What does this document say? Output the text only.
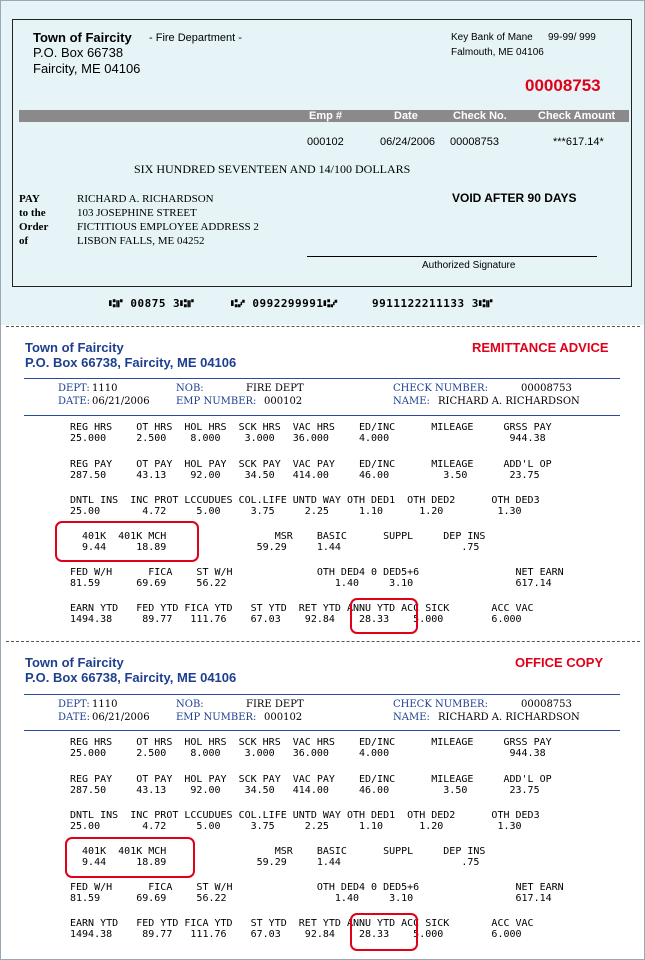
Town of Faircity - Fire Department -
P.O. Box 66738
Faircity, ME 04106
Key Bank of Mane 99-99/ 999
Falmouth, ME 04106
00008753
Emp #	Date	Check No.	Check Amount
000102	06/24/2006 00008753	***617.14*
SIX HUNDRED SEVENTEEN AND 14/100 DOLLARS
PAY
to the
Order
of
RICHARD A. RICHARDSON
103 JOSEPHINE STREET
FICTITIOUS EMPLOYEE ADDRESS 2
LISBON FALLS, ME 04252
VOID AFTER 90 DAYS
Authorized Signature
⑆⑈ 00875 3⑆⑈	⑆⑇ 0992299991⑆⑇	9911122211133 3⑆⑈
Town of Faircity
P.O. Box 66738, Faircity, ME 04106
REMITTANCE ADVICE
DEPT: 1110
DATE: 06/21/2006
NOB:	FIRE DEPT
EMP NUMBER: 000102
CHECK NUMBER:	00008753
NAME: RICHARD A. RICHARDSON
REG HRS    OT HRS  HOL HRS  SCK HRS  VAC HRS    ED/INC      MILEAGE     GRSS PAY
25.000     2.500    8.000    3.000   36.000     4.000                    944.38
REG PAY    OT PAY  HOL PAY  SCK PAY  VAC PAY    ED/INC      MILEAGE     ADD'L OP
287.50     43.13    92.00    34.50   414.00     46.00         3.50       23.75
DNTL INS  INC PROT LCCUDUES COL.LIFE UNTD WAY OTH DED1  OTH DED2      OTH DED3
25.00       4.72     5.00     3.75     2.25     1.10      1.20         1.30
401K  401K MCH                  MSR    BASIC      SUPPL     DEP INS
9.44     18.89               59.29     1.44                    .75
FED W/H      FICA    ST W/H              OTH DED4 0 DED5+6                NET EARN
81.59      69.69     56.22                  1.40     3.10                 617.14
EARN YTD   FED YTD FICA YTD   ST YTD  RET YTD ANNU YTD ACC SICK       ACC VAC
1494.38     89.77   111.76    67.03    92.84    28.33    5.000        6.000
Town of Faircity
P.O. Box 66738, Faircity, ME 04106
OFFICE COPY
DEPT: 1110
DATE: 06/21/2006
NOB:	FIRE DEPT
EMP NUMBER: 000102
CHECK NUMBER:	00008753
NAME: RICHARD A. RICHARDSON
REG HRS    OT HRS  HOL HRS  SCK HRS  VAC HRS    ED/INC      MILEAGE     GRSS PAY
25.000     2.500    8.000    3.000   36.000     4.000                    944.38
REG PAY    OT PAY  HOL PAY  SCK PAY  VAC PAY    ED/INC      MILEAGE     ADD'L OP
287.50     43.13    92.00    34.50   414.00     46.00         3.50       23.75
DNTL INS  INC PROT LCCUDUES COL.LIFE UNTD WAY OTH DED1  OTH DED2      OTH DED3
25.00       4.72     5.00     3.75     2.25     1.10      1.20         1.30
401K  401K MCH                  MSR    BASIC      SUPPL     DEP INS
9.44     18.89               59.29     1.44                    .75
FED W/H      FICA    ST W/H              OTH DED4 0 DED5+6                NET EARN
81.59      69.69     56.22                  1.40     3.10                 617.14
EARN YTD   FED YTD FICA YTD   ST YTD  RET YTD ANNU YTD ACC SICK       ACC VAC
1494.38     89.77   111.76    67.03    92.84    28.33    5.000        6.000
